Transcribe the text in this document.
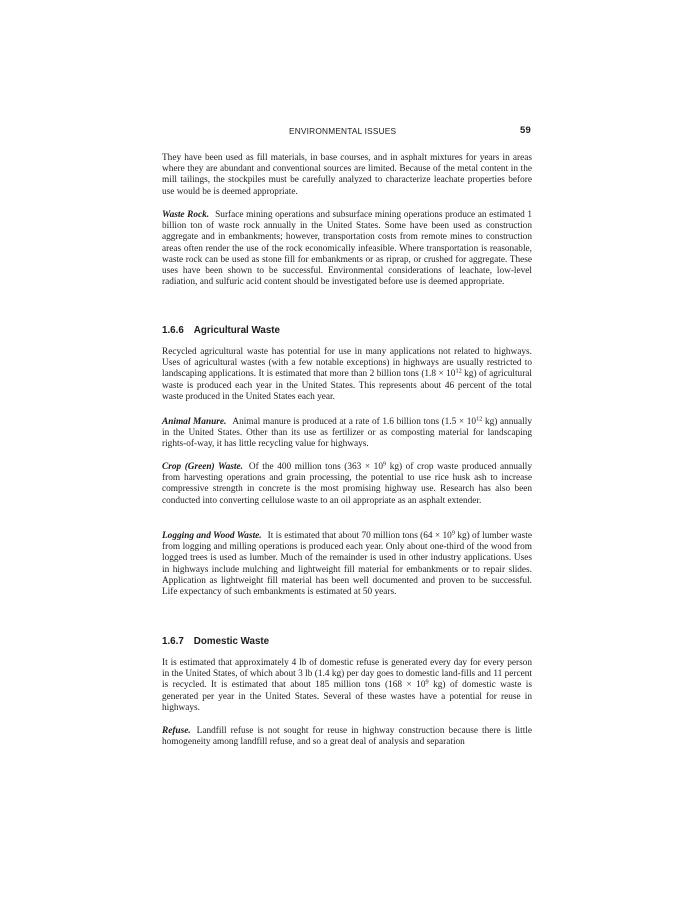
ENVIRONMENTAL ISSUES	59

They have been used as fill materials, in base courses, and in asphalt mixtures for years in areas where they are abundant and conventional sources are limited. Because of the metal content in the mill tailings, the stockpiles must be carefully analyzed to characterize leachate properties before use would be is deemed appropriate.

Waste Rock. Surface mining operations and subsurface mining operations produce an estimated 1 billion ton of waste rock annually in the United States. Some have been used as construction aggregate and in embankments; however, transportation costs from remote mines to construction areas often render the use of the rock economically infeasible. Where transportation is reasonable, waste rock can be used as stone fill for embankments or as riprap, or crushed for aggregate. These uses have been shown to be successful. Environmental considerations of leachate, low-level radiation, and sulfuric acid content should be investigated before use is deemed appropriate.

1.6.6 Agricultural Waste

Recycled agricultural waste has potential for use in many applications not related to highways. Uses of agricultural wastes (with a few notable exceptions) in highways are usually restricted to landscaping applications. It is estimated that more than 2 billion tons ($1.8 \times 10^{12}$ kg) of agricultural waste is produced each year in the United States. This represents about 46 percent of the total waste produced in the United States each year.

Animal Manure. Animal manure is produced at a rate of 1.6 billion tons ($1.5 \times 10^{12}$ kg) annually in the United States. Other than its use as fertilizer or as composting material for landscaping rights-of-way, it has little recycling value for highways.

Crop (Green) Waste. Of the 400 million tons ($363 \times 10^9$ kg) of crop waste produced annually from harvesting operations and grain processing, the potential to use rice husk ash to increase compressive strength in concrete is the most promising highway use. Research has also been conducted into converting cellulose waste to an oil appropriate as an asphalt extender.

Logging and Wood Waste. It is estimated that about 70 million tons ($64 \times 10^9$ kg) of lumber waste from logging and milling operations is produced each year. Only about one-third of the wood from logged trees is used as lumber. Much of the remainder is used in other industry applications. Uses in highways include mulching and lightweight fill material for embankments or to repair slides. Application as lightweight fill material has been well documented and proven to be successful. Life expectancy of such embankments is estimated at 50 years.

1.6.7 Domestic Waste

It is estimated that approximately 4 lb of domestic refuse is generated every day for every person in the United States, of which about 3 lb (1.4 kg) per day goes to domestic land-fills and 11 percent is recycled. It is estimated that about 185 million tons ($168 \times 10^9$ kg) of domestic waste is generated per year in the United States. Several of these wastes have a potential for reuse in highways.

Refuse. Landfill refuse is not sought for reuse in highway construction because there is little homogeneity among landfill refuse, and so a great deal of analysis and separation
